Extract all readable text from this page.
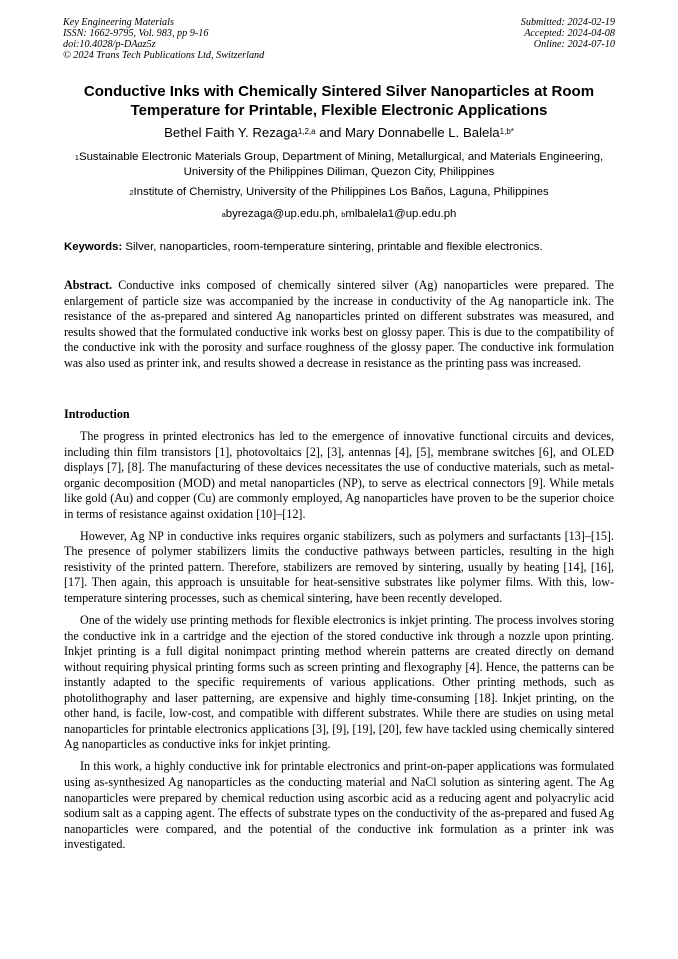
Key Engineering Materials
ISSN: 1662-9795, Vol. 983, pp 9-16
doi:10.4028/p-DAaz5z
© 2024 Trans Tech Publications Ltd, Switzerland
Submitted: 2024-02-19
Accepted: 2024-04-08
Online: 2024-07-10
Conductive Inks with Chemically Sintered Silver Nanoparticles at Room Temperature for Printable, Flexible Electronic Applications
Bethel Faith Y. Rezaga$^{1,2,a}$ and Mary Donnabelle L. Balela$^{1,b*}$
$^1$Sustainable Electronic Materials Group, Department of Mining, Metallurgical, and Materials Engineering, University of the Philippines Diliman, Quezon City, Philippines
$^2$Institute of Chemistry, University of the Philippines Los Baños, Laguna, Philippines
$^a$byrezaga@up.edu.ph, $^b$mlbalela1@up.edu.ph
Keywords: Silver, nanoparticles, room-temperature sintering, printable and flexible electronics.

Abstract. Conductive inks composed of chemically sintered silver (Ag) nanoparticles were prepared. The enlargement of particle size was accompanied by the increase in conductivity of the Ag nanoparticle ink. The resistance of the as-prepared and sintered Ag nanoparticles printed on different substrates was measured, and results showed that the formulated conductive ink works best on glossy paper. This is due to the compatibility of the conductive ink with the porosity and surface roughness of the glossy paper. The conductive ink formulation was also used as printer ink, and results showed a decrease in resistance as the printing pass was increased.

Introduction

The progress in printed electronics has led to the emergence of innovative functional circuits and devices, including thin film transistors [1], photovoltaics [2], [3], antennas [4], [5], membrane switches [6], and OLED displays [7], [8]. The manufacturing of these devices necessitates the use of conductive materials, such as metal-organic decomposition (MOD) and metal nanoparticles (NP), to serve as electrical connectors [9]. While metals like gold (Au) and copper (Cu) are commonly employed, Ag nanoparticles have proven to be the superior choice in terms of resistance against oxidation [10]–[12].

However, Ag NP in conductive inks requires organic stabilizers, such as polymers and surfactants [13]–[15]. The presence of polymer stabilizers limits the conductive pathways between particles, resulting in the high resistivity of the printed pattern. Therefore, stabilizers are removed by sintering, usually by heating [14], [16], [17]. Then again, this approach is unsuitable for heat-sensitive substrates like polymer films. With this, low-temperature sintering processes, such as chemical sintering, have been recently developed.

One of the widely use printing methods for flexible electronics is inkjet printing. The process involves storing the conductive ink in a cartridge and the ejection of the stored conductive ink through a nozzle upon printing. Inkjet printing is a full digital nonimpact printing method wherein patterns are created directly on demand without requiring physical printing forms such as screen printing and flexography [4]. Hence, the patterns can be instantly adapted to the specific requirements of various applications. Other printing methods, such as photolithography and laser patterning, are expensive and highly time-consuming [18]. Inkjet printing, on the other hand, is facile, low-cost, and compatible with different substrates. While there are studies on using metal nanoparticles for printable electronics applications [3], [9], [19], [20], few have tackled using chemically sintered Ag nanoparticles as conductive inks for inkjet printing.

In this work, a highly conductive ink for printable electronics and print-on-paper applications was formulated using as-synthesized Ag nanoparticles as the conducting material and NaCl solution as sintering agent. The Ag nanoparticles were prepared by chemical reduction using ascorbic acid as a reducing agent and polyacrylic acid sodium salt as a capping agent. The effects of substrate types on the conductivity of the as-prepared and fused Ag nanoparticles were compared, and the potential of the conductive ink formulation as a printer ink was investigated.
